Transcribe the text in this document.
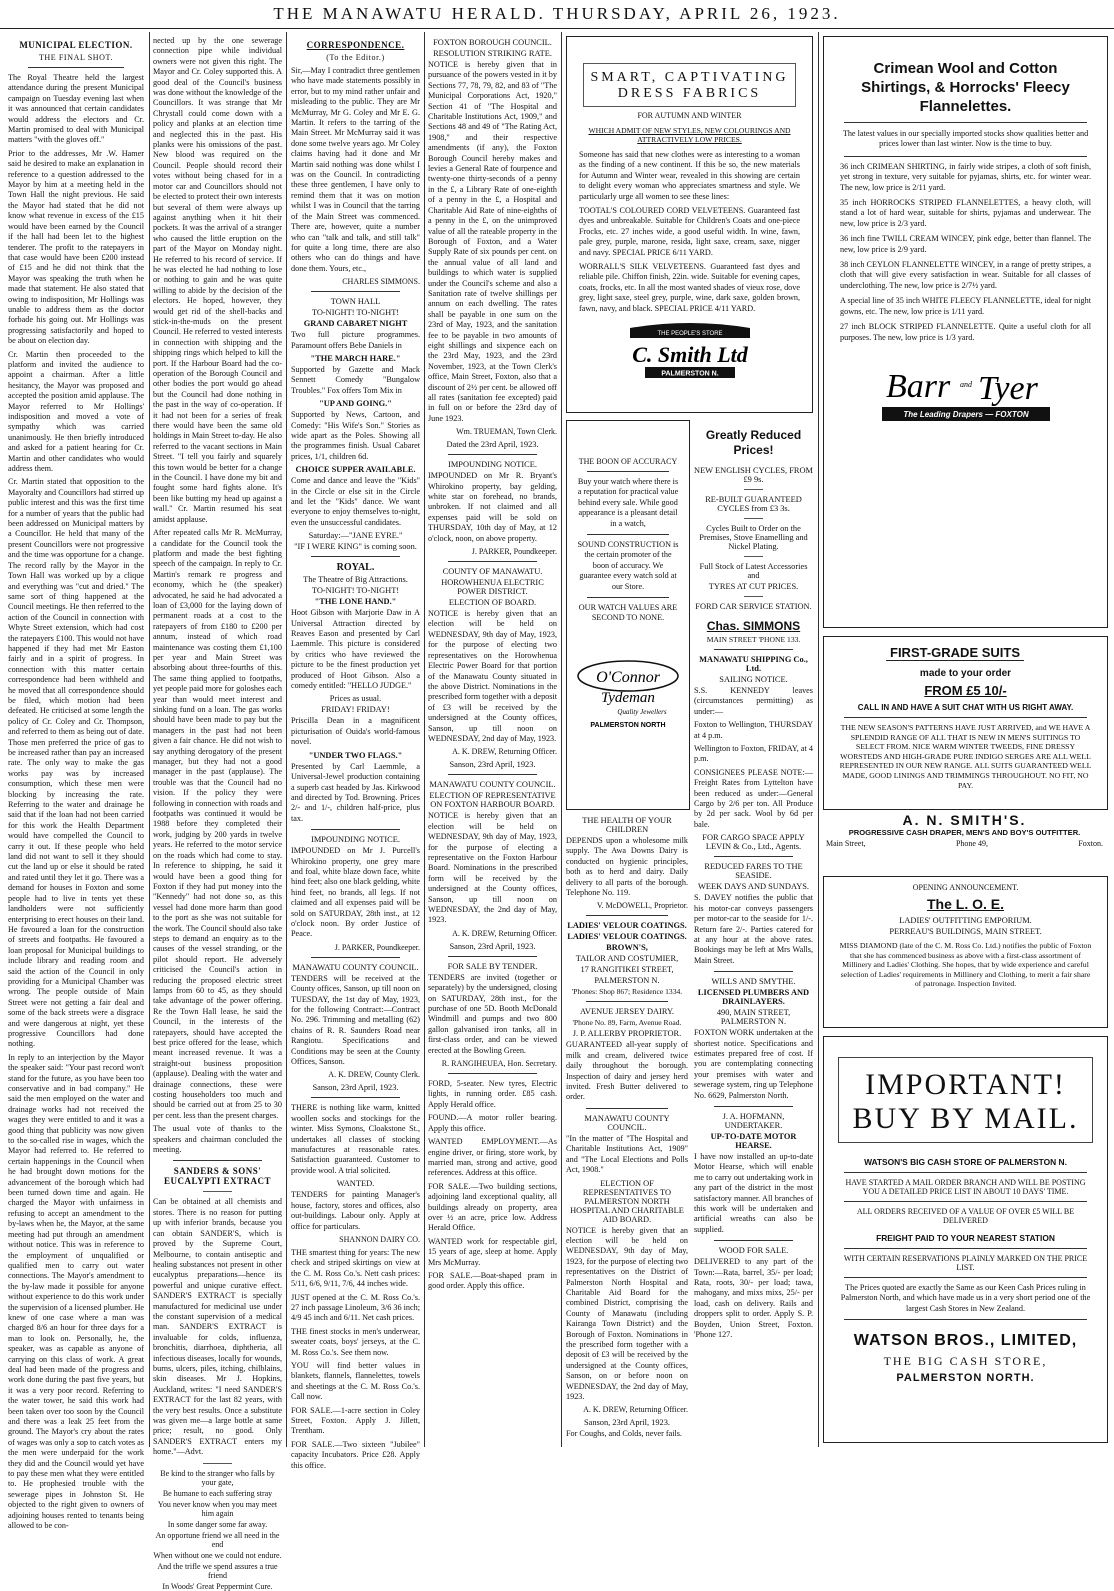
THE MANAWATU HERALD. THURSDAY, APRIL 26, 1923.
MUNICIPAL ELECTION.
THE FINAL SHOT.

The Royal Theatre held the largest attendance during the present Municipal campaign on Tuesday evening last when it was announced that certain candidates would address the electors and Cr. Martin promised to deal with Municipal matters "with the gloves off."

Prior to the addresses, Mr .W. Hamer said he desired to make an explanation in reference to a question addressed to the Mayor by him at a meeting held in the Town Hall the night previous. He said the Mayor had stated that he did not know what revenue in excess of the £15 would have been earned by the Council if the hall had been let to the highest tenderer. The profit to the ratepayers in that case would have been £200 instead of £15 and he did not think that the Mayor was speaking the truth when he made that statement. He also stated that owing to indisposition, Mr Hollings was unable to address them as the doctor forbade his going out. Mr Hollings was progressing satisfactorily and hoped to be about on election day.

Cr. Martin then proceeded to the platform and invited the audience to appoint a chairman. After a little hesitancy, the Mayor was proposed and accepted the position amid applause. The Mayor referred to Mr Hollings' indisposition and moved a vote of sympathy which was carried unanimously. He then briefly introduced and asked for a patient hearing for Cr. Martin and other candidates who would address them.

Cr. Martin stated that opposition to the Mayoralty and Councillors had stirred up public interest and this was the first time for a number of years that the public had been addressed on Municipal matters by a Councillor. He held that many of the present Councillors were not progressive and the time was opportune for a change. The record rally by the Mayor in the Town Hall was worked up by a clique and everything was "cut and dried." The same sort of thing happened at the Council meetings. He then referred to the action of the Council in connection with Whyte Street extension, which had cost the ratepayers £100. This would not have happened if they had met Mr Easton fairly and in a spirit of progress. In connection with this matter certain correspondence had been withheld and he moved that all correspondence should be filed, which motion had been defeated. He criticised at some length the policy of Cr. Coley and Cr. Thompson, and referred to them as being out of date. Those men preferred the price of gas to be increased rather than pay an increased rate. The only way to make the gas works pay was by increased consumption, which these men were blocking by increasing the rate. Referring to the water and drainage he said that if the loan had not been carried for this work the Health Department would have compelled the Council to carry it out. If these people who held land did not want to sell it they should cut the land up or else it should be rated and rated until they let it go. There was a demand for houses in Foxton and some people had to live in tents yet these landholders were not sufficiently enterprising to erect houses on their land. He favoured a loan for the construction of streets and footpaths. He favoured a loan proposal for Municipal buildings to include library and reading room and said the action of the Council in only providing for a Municipal Chamber was wrong. The people outside of Main Street were not getting a fair deal and some of the back streets were a disgrace and were dangerous at night, yet these progressive Councillors had done nothing.

In reply to an interjection by the Mayor the speaker said: "Your past record won't stand for the future, as you have been too conservative and in bad company." He said the men employed on the water and drainage works had not received the wages they were entitled to and it was a good thing that publicity was now given to the so-called rise in wages, which the Mayor had referred to. He referred to certain happenings in the Council when he had brought down motions for the advancement of the borough which had been turned down time and again. He charged the Mayor with unfairness in refusing to accept an amendment to the by-laws when he, the Mayor, at the same meeting had put through an amendment without notice. This was in reference to the employment of unqualified or qualified men to carry out water connections. The Mayor's amendment to the by-law made it possible for anyone without experience to do this work under the supervision of a licensed plumber. He knew of one case where a man was charged 8/6 an hour for three days for a man to look on. Personally, he, the speaker, was as capable as anyone of carrying on this class of work. A great deal had been made of the progress and work done during the past five years, but it was a very poor record. Referring to the water tower, he said this work had been taken over too soon by the Council and there was a leak 25 feet from the ground. The Mayor's cry about the rates of wages was only a sop to catch votes as the men were underpaid for the work they did and the Council would yet have to pay these men what they were entitled to. He prophesied trouble with the sewerage pipes in Johnston St. He objected to the right given to owners of adjoining houses rented to tenants being allowed to be con-

nected up by the one sewerage connection pipe while individual owners were not given this right. The Mayor and Cr. Coley supported this. A good deal of the Council's business was done without the knowledge of the Councillors. It was strange that Mr Chrystall could come down with a policy and planks at an election time and neglected this in the past. His planks were his omissions of the past. New blood was required on the Council. People should record their votes without being chased for in a motor car and Councillors should not be elected to protect their own interests but several of them were always up against anything when it hit their pockets. It was the arrival of a stranger who caused the little eruption on the part of the Mayor on Monday night. He referred to his record of service. If he was elected he had nothing to lose or nothing to gain and he was quite willing to abide by the decision of the electors. He hoped, however, they would get rid of the shell-backs and stick-in-the-muds on the present Council. He referred to vested interests in connection with shipping and the shipping rings which helped to kill the port. If the Harbour Board had the co-operation of the Borough Council and other bodies the port would go ahead but the Council had done nothing in the past in the way of co-operation. If it had not been for a series of freak there would have been the same old holdings in Main Street to-day. He also referred to the vacant sections in Main Street. "I tell you fairly and squarely this town would be better for a change in the Council. I have done my bit and fought some hard fights alone. It's been like butting my head up against a wall." Cr. Martin resumed his seat amidst applause.

After repeated calls Mr R. McMurray, a candidate for the Council took the platform and made the best fighting speech of the campaign. In reply to Cr. Martin's remark re progress and economy, which he (the speaker) advocated, he said he had advocated a loan of £3,000 for the laying down of permanent roads at a cost to the ratepayers of from £180 to £200 per annum, instead of which road maintenance was costing them £1,100 per year and Main Street was absorbing about three-fourths of this. The same thing applied to footpaths, yet people paid more for goloshes each year than would meet interest and sinking fund on a loan. The gas works should have been made to pay but the managers in the past had not been given a fair chance. He did not wish to say anything derogatory of the present manager, but they had not a good manager in the past (applause). The trouble was that the Council had no vision. If the policy they were following in connection with roads and footpaths was continued it would be 1988 before they completed their work, judging by 200 yards in twelve years. He referred to the motor service on the roads which had come to stay. In reference to shipping, he said it would have been a good thing for Foxton if they had put money into the "Kennedy" had not done so, as this vessel had done more harm than good to the port as she was not suitable for the work. The Council should also take steps to demand an enquiry as to the causes of the vessel stranding, or the pilot should report. He adversely criticised the Council's action in reducing the proposed electric street lamps from 60 to 45, as they should take advantage of the power offering. Re the Town Hall lease, he said the Council, in the interests of the ratepayers, should have accepted the best price offered for the lease, which meant increased revenue. It was a straight-out business proposition (applause). Dealing with the water and drainage connections, these were costing householders too much and should be carried out at from 25 to 30 per cent. less than the present charges.

The usual vote of thanks to the speakers and chairman concluded the meeting.

SANDERS & SONS' EUCALYPTI EXTRACT

Can be obtained at all chemists and stores. There is no reason for putting up with inferior brands, because you can obtain SANDER'S, which is proved by the Supreme Court, Melbourne, to contain antiseptic and healing substances not present in other eucalyptus preparations—hence its powerful and unique curative effect. SANDER'S EXTRACT is specially manufactured for medicinal use under the constant supervision of a medical man. SANDER'S EXTRACT is invaluable for colds, influenza, bronchitis, diarrhoea, diphtheria, all infectious diseases, locally for wounds, burns, ulcers, piles, itching, chilblains, skin diseases. Mr J. Hopkins, Auckland, writes: "I need SANDER'S EXTRACT for the last 82 years, with the very best results. Once a substitute was given me—a large bottle at same price; result, no good. Only SANDER'S EXTRACT enters my home."—Advt.

Be kind to the stranger who falls by your gate,
Be humane to each suffering stray
You never know when you may meet him again
In some danger some far away.
An opportune friend we all need in the end
When without one we could not endure.
And the trifle we spend assures a true friend
In Woods' Great Peppermint Cure.
CORRESPONDENCE.
(To the Editor.)

Sir,—May I contradict three gentlemen who have made statements possibly in error, but to my mind rather unfair and misleading to the public. They are Mr McMurray, Mr G. Coley and Mr E. G. Martin. It refers to the tarring of the Main Street. Mr McMurray said it was done some twelve years ago. Mr Coley claims having had it done and Mr Martin said nothing was done whilst I was on the Council. In contradicting these three gentlemen, I have only to remind them that it was on motion whilst I was in Council that the tarring of the Main Street was commenced. There are, however, quite a number who can "talk and talk, and still talk" for quite a long time, there are also others who can do things and have done them. Yours, etc.,

CHARLES SIMMONS.
TOWN HALL
TO-NIGHT! TO-NIGHT!
GRAND CABARET NIGHT

Two full picture programmes. Paramount offers Bebe Daniels in

"THE MARCH HARE."

Supported by Gazette and Mack Sennett Comedy "Bungalow Troubles." Fox offers Tom Mix in

"UP AND GOING."

Supported by News, Cartoon, and Comedy: "His Wife's Son." Stories as wide apart as the Poles. Showing all the programmes finish. Usual Cabaret prices, 1/1, children 6d.

CHOICE SUPPER AVAILABLE.

Come and dance and leave the "Kids" in the Circle or else sit in the Circle and let the "Kids" dance. We want everyone to enjoy themselves to-night, even the unsuccessful candidates.

Saturday:—"JANE EYRE."
"IF I WERE KING" is coming soon.
ROYAL.
The Theatre of Big Attractions.
TO-NIGHT! TO-NIGHT!
"THE LONE HAND."

Hoot Gibson with Marjorie Daw in A Universal Attraction directed by Reaves Eason and presented by Carl Laemmle. This picture is considered by critics who have reviewed the picture to be the finest production yet produced of Hoot Gibson. Also a comedy entitled: "HELLO JUDGE."

Prices as usual.
FRIDAY! FRIDAY!

Priscilla Dean in a magnificent picturisation of Ouida's world-famous novel.

"UNDER TWO FLAGS."

Presented by Carl Laemmle, a Universal-Jewel production containing a superb cast headed by Jas. Kirkwood and directed by Tod. Browning. Prices 2/- and 1/-, children half-price, plus tax.

IMPOUNDING NOTICE.

IMPOUNDED on Mr J. Purcell's Whirokino property, one grey mare and foal, white blaze down face, white hind feet; also one black gelding, white hind feet, no brands, all legs. If not claimed and all expenses paid will be sold on SATURDAY, 28th inst., at 12 o'clock noon. By order Justice of Peace.

J. PARKER, Poundkeeper.
MANAWATU COUNTY COUNCIL.

TENDERS will be received at the County offices, Sanson, up till noon on TUESDAY, the 1st day of May, 1923, for the following Contract:—Contract No. 296. Trimming and metalling (62) chains of R. R. Saunders Road near Rangiotu. Specifications and Conditions may be seen at the County Offices, Sanson.

A. K. DREW, County Clerk.
Sanson, 23rd April, 1923.

THERE is nothing like warm, knitted woollen socks and stockings for the winter. Miss Symons, Cloakstone St., undertakes all classes of stocking manufactures at reasonable rates. Satisfaction guaranteed. Customer to provide wool. A trial solicited.

WANTED.

TENDERS for painting Manager's house, factory, stores and offices, also out-buildings. Labour only. Apply at office for particulars.

SHANNON DAIRY CO.

THE smartest thing for years: The new check and striped skirtings on view at the C. M. Ross Co.'s. Nett cash prices: 5/11, 6/6, 9/11, 7/6, 44 inches wide.

JUST opened at the C. M. Ross Co.'s. 27 inch passage Linoleum, 3/6 36 inch; 4/9 45 inch and 6/11. Net cash prices.

THE finest stocks in men's underwear, sweater coats, boys' jerseys, at the C. M. Ross Co.'s. See them now.

YOU will find better values in blankets, flannels, flannelettes, towels and sheetings at the C. M. Ross Co.'s. Call now.

FOR SALE.—1-acre section in Coley Street, Foxton. Apply J. Jillett, Trentham.

FOR SALE.—Two sixteen "Jubilee" capacity Incubators. Price £28. Apply this office.

FOXTON BOROUGH COUNCIL.
RESOLUTION STRIKING RATE.

NOTICE is hereby given that in pursuance of the powers vested in it by Sections 77, 78, 79, 82, and 83 of "The Municipal Corporations Act, 1920," Section 41 of "The Hospital and Charitable Institutions Act, 1909," and Sections 48 and 49 of "The Rating Act, 1908," and their respective amendments (if any), the Foxton Borough Council hereby makes and levies a General Rate of fourpence and twenty-one thirty-seconds of a penny in the £, a Library Rate of one-eighth of a penny in the £, a Hospital and Charitable Aid Rate of nine-eighths of a penny in the £, on the unimproved value of all the rateable property in the Borough of Foxton, and a Water Supply Rate of six pounds per cent. on the annual value of all land and buildings to which water is supplied under the Council's scheme and also a Sanitation rate of twelve shillings per annum on each dwelling. The rates shall be payable in one sum on the 23rd of May, 1923, and the sanitation fee to be payable in two amounts of eight shillings and sixpence each on the 23rd May, 1923, and the 23rd November, 1923, at the Town Clerk's office, Main Street, Foxton, also that a discount of 2½ per cent. be allowed off all rates (sanitation fee excepted) paid in full on or before the 23rd day of June 1923.

Wm. TRUEMAN, Town Clerk.
Dated the 23rd April, 1923.
IMPOUNDING NOTICE.

IMPOUNDED on Mr R. Bryant's Whirokino property, bay gelding, white star on forehead, no brands, unbroken. If not claimed and all expenses paid will be sold on THURSDAY, 10th day of May, at 12 o'clock, noon, on above property.

J. PARKER, Poundkeeper.
COUNTY OF MANAWATU.
HOROWHENUA ELECTRIC POWER DISTRICT.
ELECTION OF BOARD.

NOTICE is hereby given that an election will be held on WEDNESDAY, 9th day of May, 1923, for the purpose of electing two representatives on the Horowhenua Electric Power Board for that portion of the Manawatu County situated in the above District. Nominations in the prescribed form together with a deposit of £3 will be received by the undersigned at the County offices, Sanson, up till noon on WEDNESDAY, 2nd day of May, 1923.

A. K. DREW, Returning Officer.
Sanson, 23rd April, 1923.
MANAWATU COUNTY COUNCIL.
ELECTION OF REPRESENTATIVE ON FOXTON HARBOUR BOARD.

NOTICE is hereby given that an election will be held on WEDNESDAY, 9th day of May, 1923, for the purpose of electing a representative on the Foxton Harbour Board. Nominations in the prescribed form will be received by the undersigned at the County offices, Sanson, up till noon on WEDNESDAY, the 2nd day of May, 1923.

A. K. DREW, Returning Officer.
Sanson, 23rd April, 1923.
FOR SALE BY TENDER.

TENDERS are invited (together or separately) by the undersigned, closing on SATURDAY, 28th inst., for the purchase of one 5D. Booth McDonald Windmill and pumps and two 800 gallon galvanised iron tanks, all in first-class order, and can be viewed erected at the Bowling Green.

R. RANGIHEUEA, Hon. Secretary.

FORD, 5-seater. New tyres, Electric lights, in running order. £85 cash. Apply Herald office.

FOUND.—A motor roller bearing. Apply this office.

WANTED EMPLOYMENT.—As engine driver, or firing, store work, by married man, strong and active, good references. Address at this office.

FOR SALE.—Two building sections, adjoining land exceptional quality, all buildings already on property, area over ½ an acre, price low. Address Herald Office.

WANTED work for respectable girl, 15 years of age, sleep at home. Apply Mrs McMurray.

FOR SALE.—Boat-shaped pram in good order. Apply this office.

SMART, CAPTIVATING DRESS FABRICS
FOR AUTUMN AND WINTER
WHICH ADMIT OF NEW STYLES, NEW COLOURINGS AND ATTRACTIVELY LOW PRICES.

Someone has said that new clothes were as interesting to a woman as the finding of a new continent. If this be so, the new materials for Autumn and Winter wear, revealed in this showing are certain to delight every woman who appreciates smartness and style. We particularly urge all women to see these lines:

TOOTAL'S COLOURED CORD VELVETEENS. Guaranteed fast dyes and unbreakable. Suitable for Children's Coats and one-piece Frocks, etc. 27 inches wide, a good useful width. In wine, fawn, pale grey, purple, marone, resida, light saxe, cream, saxe, nigger and navy. SPECIAL PRICE 6/11 YARD.

WORRALL'S SILK VELVETEENS. Guaranteed fast dyes and reliable pile. Chiffon finish, 22in. wide. Suitable for evening capes, coats, frocks, etc. In all the most wanted shades of vieux rose, dove grey, light saxe, steel grey, purple, wine, dark saxe, golden brown, fawn, navy, and black. SPECIAL PRICE 4/11 YARD.

THE PEOPLE'S STORE
C. Smith Ltd
PALMERSTON N.
THE BOON OF ACCURACY

Buy your watch where there is a reputation for practical value behind every sale. While good appearance is a pleasant detail in a watch,

SOUND CONSTRUCTION is the certain promoter of the boon of accuracy. We guarantee every watch sold at our Store.

OUR WATCH VALUES ARE SECOND TO NONE.

O'Connor
Tydeman
Quality Jewellers
PALMERSTON NORTH
THE HEALTH OF YOUR CHILDREN

DEPENDS upon a wholesome milk supply. The Awa Downs Dairy is conducted on hygienic principles, both as to herd and dairy. Daily delivery to all parts of the borough. Telephone No. 119.

V. McDOWELL, Proprietor.
LADIES' VELOUR COATINGS.
LADIES' VELOUR COATINGS.
BROWN'S,
TAILOR AND COSTUMIER,
17 RANGITIKEI STREET,
PALMERSTON N.
'Phones: Shop 867; Residence 1334.
AVENUE JERSEY DAIRY.
'Phone No. 89, Farm, Avenue Road.
J. P. ALLERBY PROPRIETOR.

GUARANTEED all-year supply of milk and cream, delivered twice daily throughout the borough. Inspection of dairy and jersey herd invited. Fresh Butter delivered to order.

MANAWATU COUNTY COUNCIL.

"In the matter of "The Hospital and Charitable Institutions Act, 1909" and "The Local Elections and Polls Act, 1908."

ELECTION OF REPRESENTATIVES TO PALMERSTON NORTH HOSPITAL AND CHARITABLE AID BOARD.

NOTICE is hereby given that an election will be held on WEDNESDAY, 9th day of May, 1923, for the purpose of electing two representatives on the District of Palmerston North Hospital and Charitable Aid Board for the combined District, comprising the County of Manawatu (including Kairanga Town District) and the Borough of Foxton. Nominations in the prescribed form together with a deposit of £3 will be received by the undersigned at the County offices, Sanson, on or before noon on WEDNESDAY, the 2nd day of May, 1923.

A. K. DREW, Returning Officer.
Sanson, 23rd April, 1923.

For Coughs, and Colds, never fails.

Greatly Reduced Prices!
NEW ENGLISH CYCLES, FROM £9 9s.
RE-BUILT GUARANTEED CYCLES from £3 3s.
Cycles Built to Order on the Premises, Stove Enamelling and Nickel Plating.
Full Stock of Latest Accessories and
TYRES AT CUT PRICES.
FORD CAR SERVICE STATION.
Chas. SIMMONS
MAIN STREET 'PHONE 133.
MANAWATU SHIPPING Co., Ltd.
SAILING NOTICE.

S.S. KENNEDY leaves (circumstances permitting) as under:—

Foxton to Wellington, THURSDAY at 4 p.m.

Wellington to Foxton, FRIDAY, at 4 p.m.

CONSIGNEES PLEASE NOTE:— Freight Rates from Lyttelton have been reduced as under:—General Cargo by 2/6 per ton. All Produce by 2d per sack. Wool by 6d per bale.

FOR CARGO SPACE APPLY LEVIN & Co., Ltd., Agents.
REDUCED FARES TO THE SEASIDE.
WEEK DAYS AND SUNDAYS.

S. DAVEY notifies the public that his motor-car conveys passengers per motor-car to the seaside for 1/-. Return fare 2/-. Parties catered for at any hour at the above rates. Bookings may be left at Mrs Walls, Main Street.

WILLS AND SMYTHE.
LICENSED PLUMBERS AND DRAINLAYERS.
490, MAIN STREET, PALMERSTON N.

FOXTON WORK undertaken at the shortest notice. Specifications and estimates prepared free of cost. If you are contemplating connecting your premises with water and sewerage system, ring up Telephone No. 6629, Palmerston North.

J. A. HOFMANN, UNDERTAKER.
UP-TO-DATE MOTOR HEARSE.

I have now installed an up-to-date Motor Hearse, which will enable me to carry out undertaking work in any part of the district in the most satisfactory manner. All branches of this work will be undertaken and artificial wreaths can also be supplied.

WOOD FOR SALE.

DELIVERED to any part of the Town:—Rata, barrel, 35/- per load; Rata, roots, 30/- per load; tawa, mahogany, and mixs mixs, 25/- per load, cash on delivery. Rails and droppers split to order. Apply S. P. Boyden, Union Street, Foxton. 'Phone 127.

Crimean Wool and Cotton Shirtings, & Horrocks' Fleecy Flannelettes.

The latest values in our specially imported stocks show qualities better and prices lower than last winter. Now is the time to buy.

36 inch CRIMEAN SHIRTING, in fairly wide stripes, a cloth of soft finish, yet strong in texture, very suitable for pyjamas, shirts, etc. for winter wear. The new, low price is 2/11 yard.

35 inch HORROCKS STRIPED FLANNELETTES, a heavy cloth, will stand a lot of hard wear, suitable for shirts, pyjamas and underwear. The new, low price is 2/3 yard.

36 inch fine TWILL CREAM WINCEY, pink edge, better than flannel. The new, low price is 2/9 yard.

38 inch CEYLON FLANNELETTE WINCEY, in a range of pretty stripes, a cloth that will give every satisfaction in wear. Suitable for all classes of underclothing. The new, low price is 2/7½ yard.

A special line of 35 inch WHITE FLEECY FLANNELETTE, ideal for night gowns, etc. The new, low price is 1/11 yard.

27 inch BLOCK STRIPED FLANNELETTE. Quite a useful cloth for all purposes. The new, low price is 1/3 yard.

Barr and Tyer
The Leading Drapers — FOXTON
FIRST-GRADE SUITS
made to your order
FROM £5 10/-
CALL IN AND HAVE A SUIT CHAT WITH US RIGHT AWAY.

THE NEW SEASON'S PATTERNS HAVE JUST ARRIVED, and WE HAVE A SPLENDID RANGE OF ALL THAT IS NEW IN MEN'S SUITINGS TO SELECT FROM. NICE WARM WINTER TWEEDS, FINE DRESSY WORSTEDS AND HIGH-GRADE PURE INDIGO SERGES ARE ALL WELL REPRESENTED IN OUR NEW RANGE. ALL SUITS GUARANTEED WELL MADE, GOOD LININGS AND TRIMMINGS THROUGHOUT. NO FIT, NO PAY.

A. N. SMITH'S.
PROGRESSIVE CASH DRAPER, MEN'S AND BOY'S OUTFITTER.
Main Street,	Phone 49,	Foxton.
OPENING ANNOUNCEMENT.
The L. O. E.
LADIES' OUTFITTING EMPORIUM.
PERREAU'S BUILDINGS, MAIN STREET.

MISS DIAMOND (late of the C. M. Ross Co. Ltd.) notifies the public of Foxton that she has commenced business as above with a first-class assortment of Millinery and Ladies' Clothing. She hopes, that by wide experience and careful selection of Ladies' requirements in Millinery and Clothing, to merit a fair share of patronage. Inspection Invited.

IMPORTANT!
BUY BY MAIL.
WATSON'S BIG CASH STORE OF PALMERSTON N.
HAVE STARTED A MAIL ORDER BRANCH AND WILL BE POSTING YOU A DETAILED PRICE LIST IN ABOUT 10 DAYS' TIME.
ALL ORDERS RECEIVED OF A VALUE OF OVER £5 WILL BE DELIVERED
FREIGHT PAID TO YOUR NEAREST STATION
WITH CERTAIN RESERVATIONS PLAINLY MARKED ON THE PRICE LIST.

The Prices quoted are exactly the Same as our Keen Cash Prices ruling in Palmerston North, and which have made us in a very short period one of the largest Cash Stores in New Zealand.

WATSON BROS., LIMITED,
THE BIG CASH STORE,
PALMERSTON NORTH.
